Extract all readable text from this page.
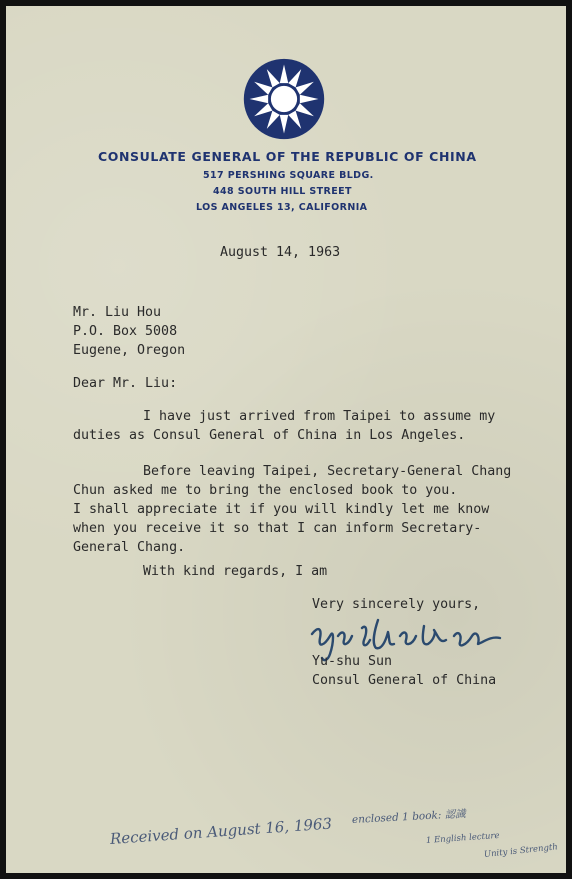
CONSULATE GENERAL OF THE REPUBLIC OF CHINA
517 PERSHING SQUARE BLDG.
448 SOUTH HILL STREET
LOS ANGELES 13, CALIFORNIA
August 14, 1963
Mr. Liu Hou
P.O. Box 5008
Eugene, Oregon
Dear Mr. Liu:
I have just arrived from Taipei to assume my
duties as Consul General of China in Los Angeles.
Before leaving Taipei, Secretary-General Chang
Chun asked me to bring the enclosed book to you.
I shall appreciate it if you will kindly let me know
when you receive it so that I can inform Secretary-
General Chang.
With kind regards, I am
Very sincerely yours,
Yu-shu Sun
Consul General of China
Received on August 16, 1963 enclosed 1 book: 認識
1 English lecture
Unity is Strength
